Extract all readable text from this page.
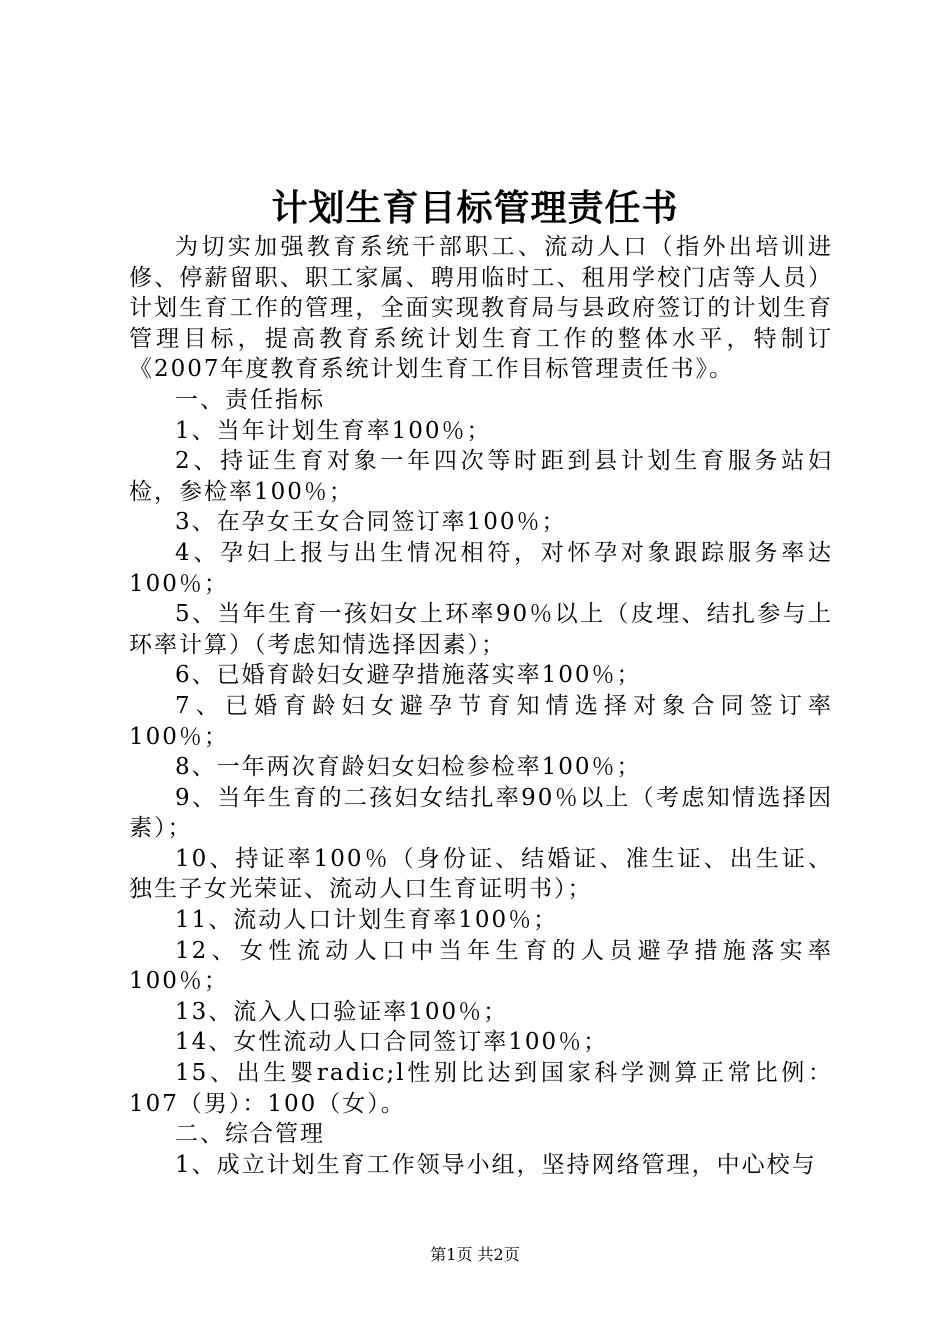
计划生育目标管理责任书

为切实加强教育系统干部职工、流动人口（指外出培训进修、停薪留职、职工家属、聘用临时工、租用学校门店等人员）计划生育工作的管理，全面实现教育局与县政府签订的计划生育管理目标，提高教育系统计划生育工作的整体水平，特制订《2007年度教育系统计划生育工作目标管理责任书》。

一、责任指标

1、当年计划生育率100％；

2、持证生育对象一年四次等时距到县计划生育服务站妇检，参检率100％；

3、在孕女王女合同签订率100％；

4、孕妇上报与出生情况相符，对怀孕对象跟踪服务率达100％；

5、当年生育一孩妇女上环率90％以上（皮埋、结扎参与上环率计算）（考虑知情选择因素）；

6、已婚育龄妇女避孕措施落实率100％；

7、已婚育龄妇女避孕节育知情选择对象合同签订率100％；

8、一年两次育龄妇女妇检参检率100％；

9、当年生育的二孩妇女结扎率90％以上（考虑知情选择因素）；

10、持证率100％（身份证、结婚证、准生证、出生证、独生子女光荣证、流动人口生育证明书）；

11、流动人口计划生育率100％；

12、女性流动人口中当年生育的人员避孕措施落实率100％；

13、流入人口验证率100％；

14、女性流动人口合同签订率100％；

15、出生婴radic;l性别比达到国家科学测算正常比例：107（男）：100（女）。

二、综合管理

1、成立计划生育工作领导小组，坚持网络管理，中心校与

第1页 共2页
